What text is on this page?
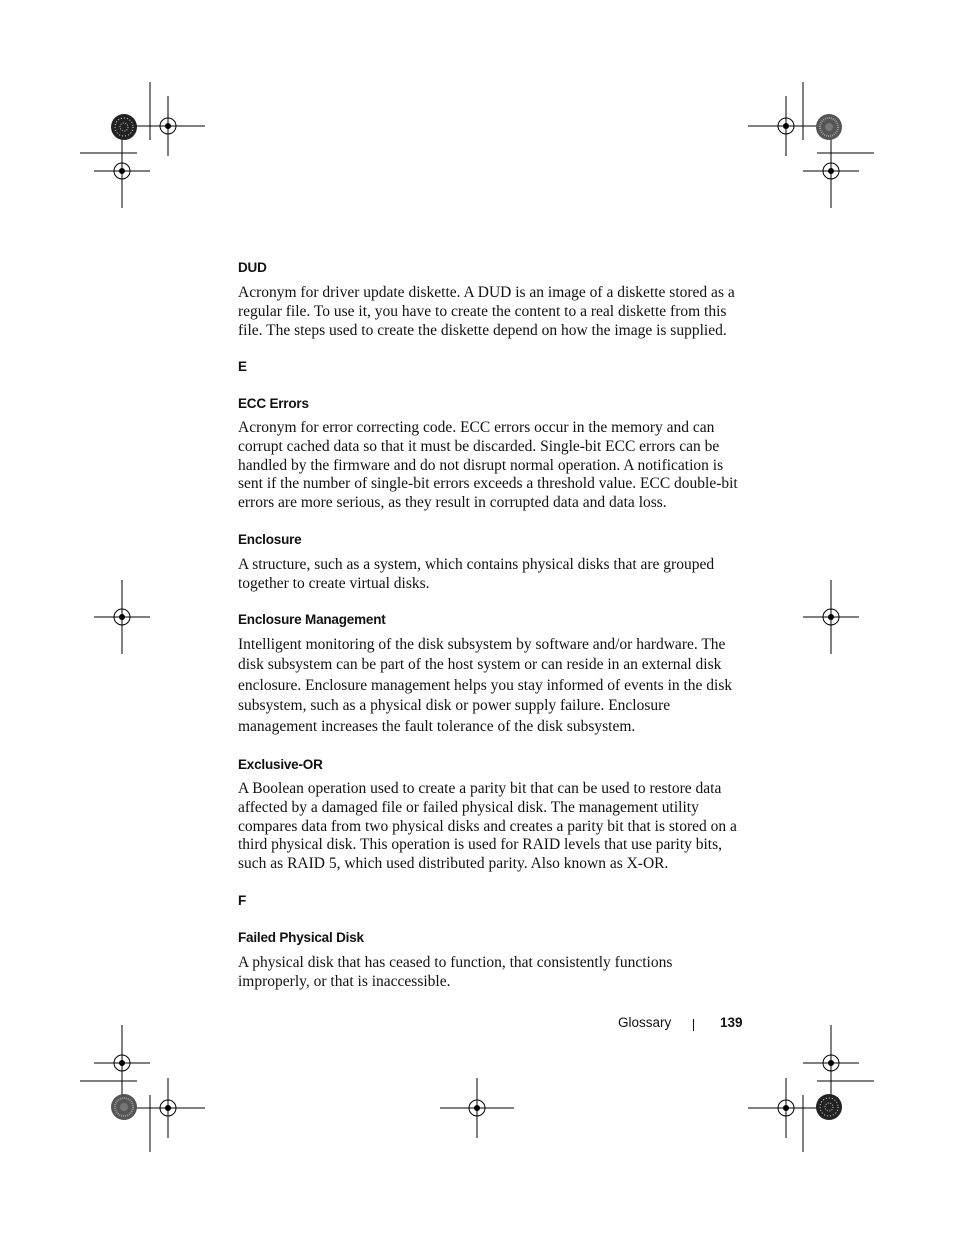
DUD

Acronym for driver update diskette. A DUD is an image of a diskette stored as a regular file. To use it, you have to create the content to a real diskette from this file. The steps used to create the diskette depend on how the image is supplied.

E
ECC Errors

Acronym for error correcting code. ECC errors occur in the memory and can corrupt cached data so that it must be discarded. Single-bit ECC errors can be handled by the firmware and do not disrupt normal operation. A notification is sent if the number of single-bit errors exceeds a threshold value. ECC double-bit errors are more serious, as they result in corrupted data and data loss.

Enclosure

A structure, such as a system, which contains physical disks that are grouped together to create virtual disks.

Enclosure Management

Intelligent monitoring of the disk subsystem by software and/or hardware. The disk subsystem can be part of the host system or can reside in an external disk enclosure. Enclosure management helps you stay informed of events in the disk subsystem, such as a physical disk or power supply failure. Enclosure management increases the fault tolerance of the disk subsystem.

Exclusive-OR

A Boolean operation used to create a parity bit that can be used to restore data affected by a damaged file or failed physical disk. The management utility compares data from two physical disks and creates a parity bit that is stored on a third physical disk. This operation is used for RAID levels that use parity bits, such as RAID 5, which used distributed parity. Also known as X-OR.

F
Failed Physical Disk

A physical disk that has ceased to function, that consistently functions improperly, or that is inaccessible.

Glossary	139
